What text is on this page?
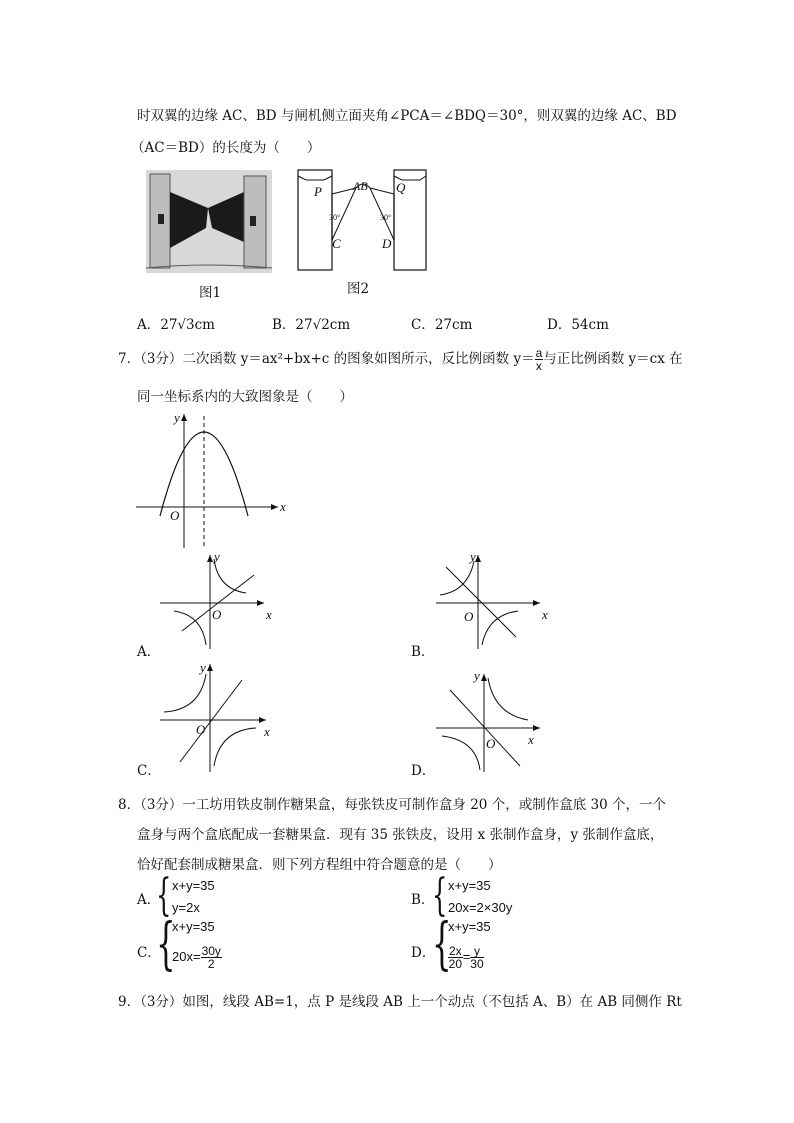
时双翼的边缘 AC、BD 与闸机侧立面夹角∠PCA＝∠BDQ＝30°，则双翼的边缘 AC、BD
（AC＝BD）的长度为（　　）
图1
P	AB Q
30°	30°
C	D
图2
A．27√3cm	B．27√2cm	C．27cm	D．54cm
7．（3分）二次函数 y＝ax²+bx+c 的图象如图所示，反比例函数 $y= \frac{a}{x}$ 与正比例函数 y＝cx 在
同一坐标系内的大致图象是（　　）
x
y
O
x
y
O
A．
x
y
O
B．
x
y
O
C．
x
y
O
D．
8．（3分）一工坊用铁皮制作糖果盒，每张铁皮可制作盒身 20 个，或制作盒底 30 个，一个
盒身与两个盒底配成一套糖果盒．现有 35 张铁皮，设用 x 张制作盒身，y 张制作盒底，
恰好配套制成糖果盒．则下列方程组中符合题意的是（　　）
A．
{ x+y=35
y=2x	B．
{ x+y=35
20x=2×30y
C．
{
x+y=35
$20x= \frac{30y}{2}$	D．
{
x+y=35
$\frac{2x}{20} = \frac{y}{30}$
9．（3分）如图，线段 AB=1，点 P 是线段 AB 上一个动点（不包括 A、B）在 AB 同侧作 Rt
